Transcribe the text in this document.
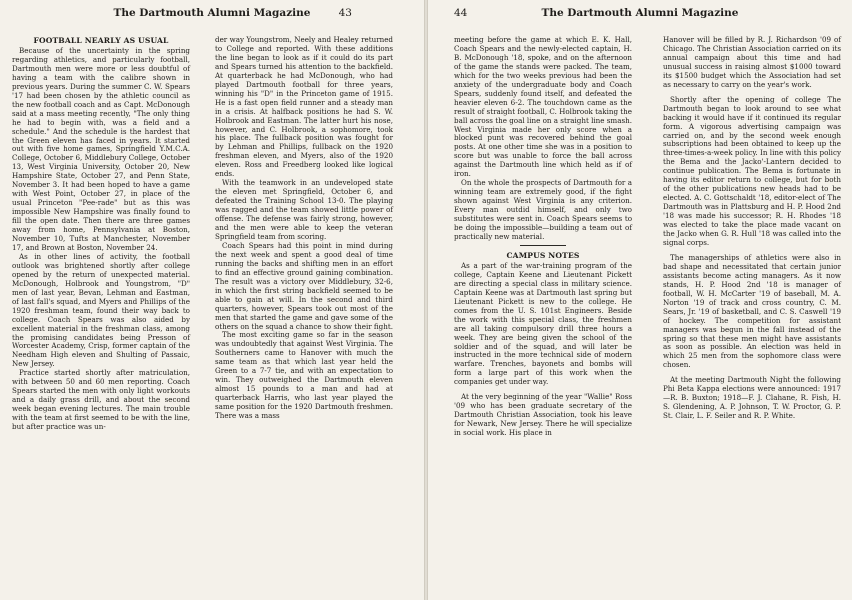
The Dartmouth Alumni Magazine	43
FOOTBALL NEARLY AS USUAL

Because of the uncertainty in the spring regarding athletics, and particularly football, Dartmouth men were more or less doubtful of having a team with the calibre shown in previous years. During the summer C. W. Spears '17 had been chosen by the athletic council as the new football coach and as Capt. McDonough said at a mass meeting recently, "The only thing he had to begin with, was a field and a schedule." And the schedule is the hardest that the Green eleven has faced in years. It started out with five home games, Springfield Y.M.C.A. College, October 6, Middlebury College, October 13, West Virginia University, October 20, New Hampshire State, October 27, and Penn State, November 3. It had been hoped to have a game with West Point, October 27, in place of the usual Princeton "Pee-rade" but as this was impossible New Hampshire was finally found to fill the open date. Then there are three games away from home, Pennsylvania at Boston, November 10, Tufts at Manchester, November 17, and Brown at Boston, November 24.

As in other lines of activity, the football outlook was brightened shortly after college opened by the return of unexpected material. McDonough, Holbrook and Youngstrom, "D" men of last year, Bevan, Lehman and Eastman, of last fall's squad, and Myers and Phillips of the 1920 freshman team, found their way back to college. Coach Spears was also aided by excellent material in the freshman class, among the promising candidates being Presson of Worcester Academy, Crisp, former captain of the Needham High eleven and Shulting of Passaic, New Jersey.

Practice started shortly after matriculation, with between 50 and 60 men reporting. Coach Spears started the men with only light workouts and a daily grass drill, and about the second week began evening lectures. The main trouble with the team at first seemed to be with the line, but after practice was un-

der way Youngstrom, Neely and Healey returned to College and reported. With these additions the line began to look as if it could do its part and Spears turned his attention to the backfield. At quarterback he had McDonough, who had played Dartmouth football for three years, winning his "D" in the Princeton game of 1915. He is a fast open field runner and a steady man in a crisis. At halfback positions he had S. W. Holbrook and Eastman. The latter hurt his nose, however, and C. Holbrook, a sophomore, took his place. The fullback position was fought for by Lehman and Phillips, fullback on the 1920 freshman eleven, and Myers, also of the 1920 eleven. Ross and Freedberg looked like logical ends.

With the teamwork in an undeveloped state the eleven met Springfield, October 6, and defeated the Training School 13-0. The playing was ragged and the team showed little power of offense. The defense was fairly strong, however, and the men were able to keep the veteran Springfield team from scoring.

Coach Spears had this point in mind during the next week and spent a good deal of time running the backs and shifting men in an effort to find an effective ground gaining combination. The result was a victory over Middlebury, 32-6, in which the first string backfield seemed to be able to gain at will. In the second and third quarters, however, Spears took out most of the men that started the game and gave some of the others on the squad a chance to show their fight.

The most exciting game so far in the season was undoubtedly that against West Virginia. The Southerners came to Hanover with much the same team as that which last year held the Green to a 7-7 tie, and with an expectation to win. They outweighed the Dartmouth eleven almost 15 pounds to a man and had at quarterback Harris, who last year played the same position for the 1920 Dartmouth freshmen. There was a mass

44	The Dartmouth Alumni Magazine

meeting before the game at which E. K. Hall, Coach Spears and the newly-elected captain, H. B. McDonough '18, spoke, and on the afternoon of the game the stands were packed. The team, which for the two weeks previous had been the anxiety of the undergraduate body and Coach Spears, suddenly found itself, and defeated the heavier eleven 6-2. The touchdown came as the result of straight football, C. Holbrook taking the ball across the goal line on a straight line smash. West Virginia made her only score when a blocked punt was recovered behind the goal posts. At one other time she was in a position to score but was unable to force the ball across against the Dartmouth line which held as if of iron.

On the whole the prospects of Dartmouth for a winning team are extremely good, if the fight shown against West Virginia is any criterion. Every man outdid himself, and only two substitutes were sent in. Coach Spears seems to be doing the impossible—building a team out of practically new material.

CAMPUS NOTES

As a part of the war-training program of the college, Captain Keene and Lieutenant Pickett are directing a special class in military science. Captain Keene was at Dartmouth last spring but Lieutenant Pickett is new to the college. He comes from the U. S. 101st Engineers. Beside the work with this special class, the freshmen are all taking compulsory drill three hours a week. They are being given the school of the soldier and of the squad, and will later be instructed in the more technical side of modern warfare. Trenches, bayonets and bombs will form a large part of this work when the companies get under way.

At the very beginning of the year "Wallie" Ross '09 who has been graduate secretary of the Dartmouth Christian Association, took his leave for Newark, New Jersey. There he will specialize in social work. His place in

Hanover will be filled by R. J. Richardson '09 of Chicago. The Christian Association carried on its annual campaign about this time and had unusual success in raising almost $1000 toward its $1500 budget which the Association had set as necessary to carry on the year's work.

Shortly after the opening of college The Dartmouth began to look around to see what backing it would have if it continued its regular form. A vigorous advertising campaign was carried on, and by the second week enough subscriptions had been obtained to keep up the three-times-a-week policy. In line with this policy the Bema and the Jacko'-Lantern decided to continue publication. The Bema is fortunate in having its editor return to college, but for both of the other publications new heads had to be elected. A. C. Gottschaldt '18, editor-elect of The Dartmouth was in Plattsburg and H. P. Hood 2nd '18 was made his successor; R. H. Rhodes '18 was elected to take the place made vacant on the Jacko when G. R. Hull '18 was called into the signal corps.

The managerships of athletics were also in bad shape and necessitated that certain junior assistants become acting managers. As it now stands, H. P. Hood 2nd '18 is manager of football, W. H. McCarter '19 of baseball, M. A. Norton '19 of track and cross country, C. M. Sears, Jr. '19 of basketball, and C. S. Caswell '19 of hockey. The competition for assistant managers was begun in the fall instead of the spring so that these men might have assistants as soon as possible. An election was held in which 25 men from the sophomore class were chosen.

At the meeting Dartmouth Night the following Phi Beta Kappa elections were announced: 1917—R. B. Buxton; 1918—F. J. Clahane, R. Fish, H. S. Glendening, A. P. Johnson, T. W. Proctor, G. P. St. Clair, L. F. Seiler and R. P. White.
